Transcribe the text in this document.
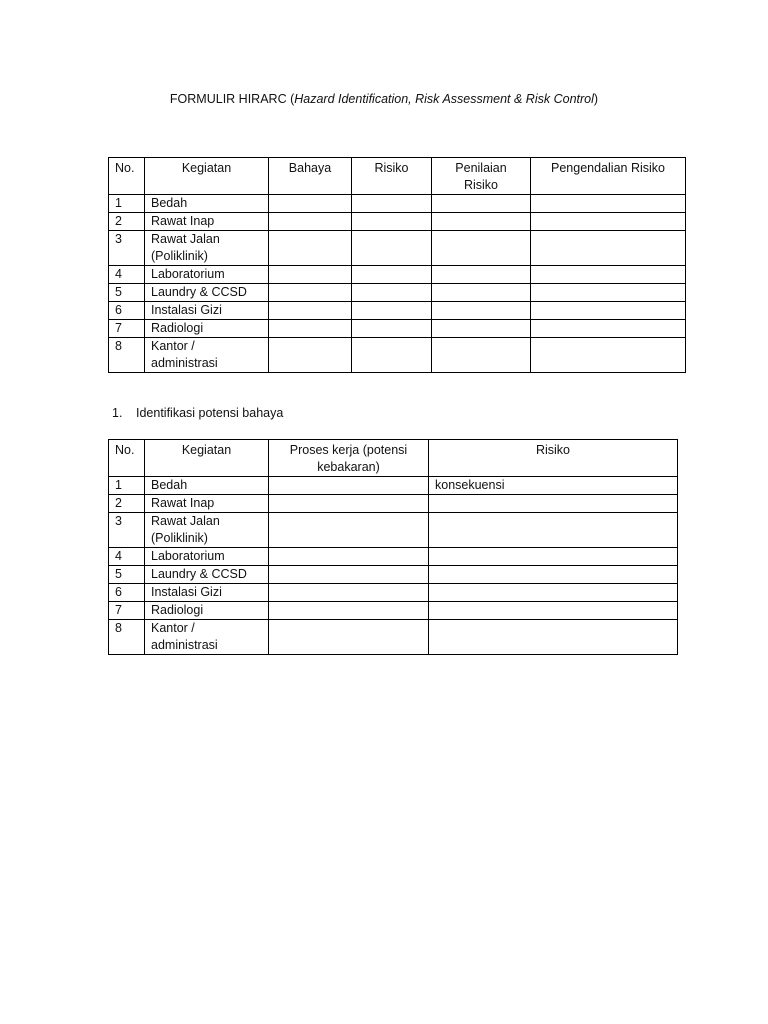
FORMULIR HIRARC (Hazard Identification, Risk Assessment & Risk Control)
No.	Kegiatan	Bahaya	Risiko	Penilaian Risiko	Pengendalian Risiko
1	Bedah				
2	Rawat Inap				
3	Rawat Jalan (Poliklinik)				
4	Laboratorium				
5	Laundry & CCSD				
6	Instalasi Gizi				
7	Radiologi				
8	Kantor / administrasi				
1. Identifikasi potensi bahaya
No.	Kegiatan	Proses kerja (potensi kebakaran)	Risiko
1	Bedah		konsekuensi
2	Rawat Inap		
3	Rawat Jalan (Poliklinik)		
4	Laboratorium		
5	Laundry & CCSD		
6	Instalasi Gizi		
7	Radiologi		
8	Kantor / administrasi		
